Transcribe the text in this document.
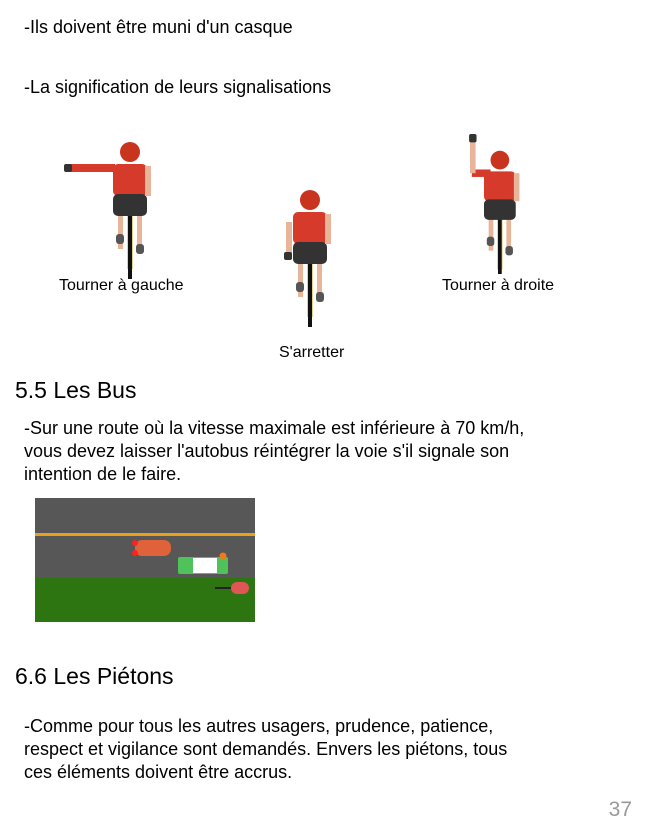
-Ils doivent être muni d'un casque
-La signification de leurs signalisations
Tourner à gauche	Tourner à droite
S'arretter
5.5 Les Bus
-Sur une route où la vitesse maximale est inférieure à 70 km/h,
vous devez laisser l'autobus réintégrer la voie s'il signale son
intention de le faire.
6.6 Les Piétons
-Comme pour tous les autres usagers, prudence, patience,
respect et vigilance sont demandés. Envers les piétons, tous
ces éléments doivent être accrus.
37
